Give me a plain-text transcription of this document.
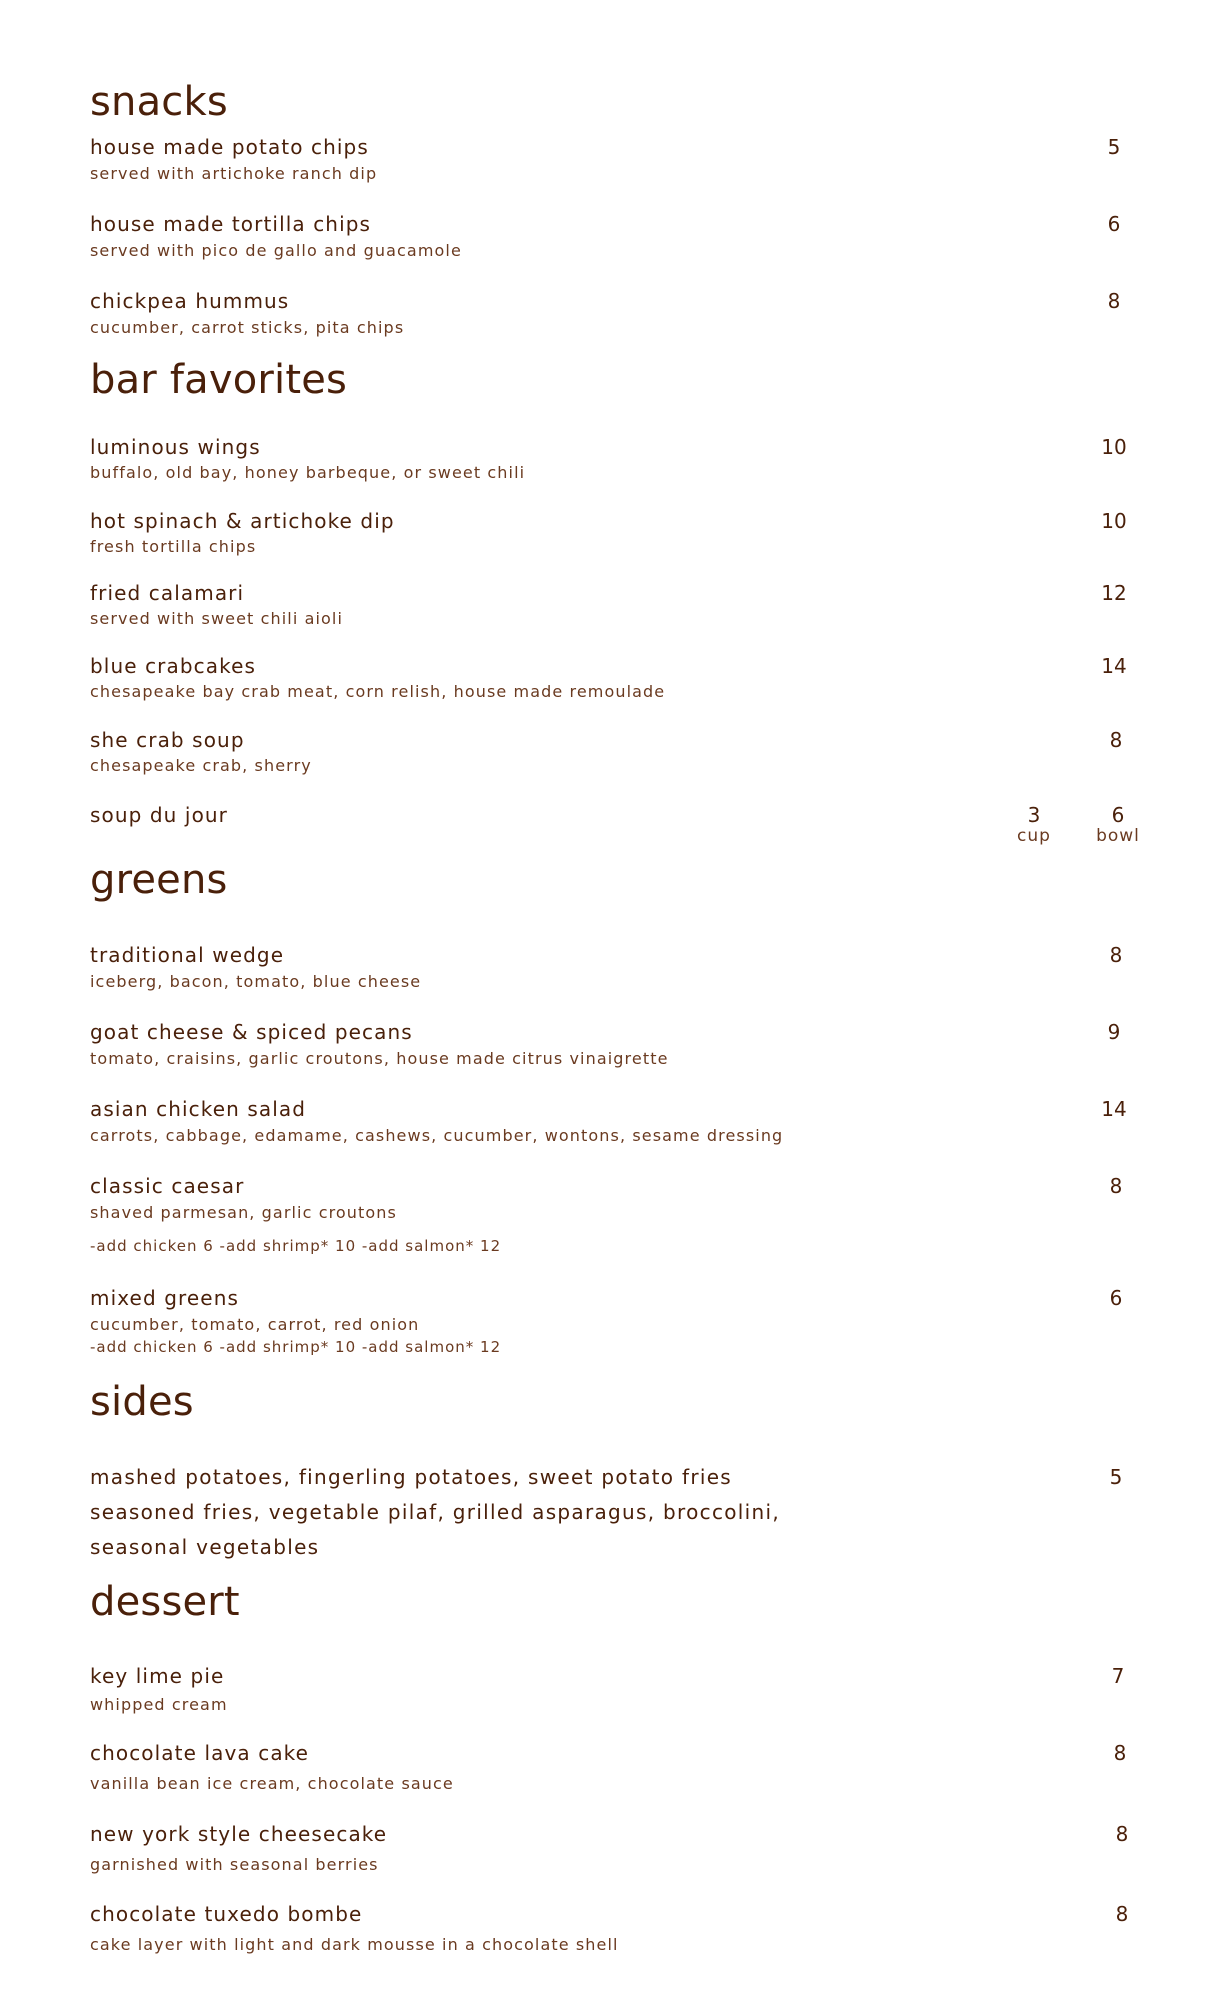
snacks
house made potato chips
served with artichoke ranch dip
5
house made tortilla chips
served with pico de gallo and guacamole
6
chickpea hummus
cucumber, carrot sticks, pita chips
8
bar favorites
luminous wings
buffalo, old bay, honey barbeque, or sweet chili
10
hot spinach & artichoke dip
fresh tortilla chips
10
fried calamari
served with sweet chili aioli
12
blue crabcakes
chesapeake bay crab meat, corn relish, house made remoulade
14
she crab soup
chesapeake crab, sherry
8
soup du jour	3
cup
6
bowl
greens
traditional wedge
iceberg, bacon, tomato, blue cheese
8
goat cheese & spiced pecans
tomato, craisins, garlic croutons, house made citrus vinaigrette
9
asian chicken salad
carrots, cabbage, edamame, cashews, cucumber, wontons, sesame dressing
14
classic caesar
shaved parmesan, garlic croutons
-add chicken 6 -add shrimp* 10 -add salmon* 12
8
mixed greens
cucumber, tomato, carrot, red onion
-add chicken 6 -add shrimp* 10 -add salmon* 12
6
sides
mashed potatoes, fingerling potatoes, sweet potato fries
seasoned fries, vegetable pilaf, grilled asparagus, broccolini,
seasonal vegetables
5
dessert
key lime pie
whipped cream
7
chocolate lava cake
vanilla bean ice cream, chocolate sauce
8
new york style cheesecake
garnished with seasonal berries
8
chocolate tuxedo bombe
cake layer with light and dark mousse in a chocolate shell
8
